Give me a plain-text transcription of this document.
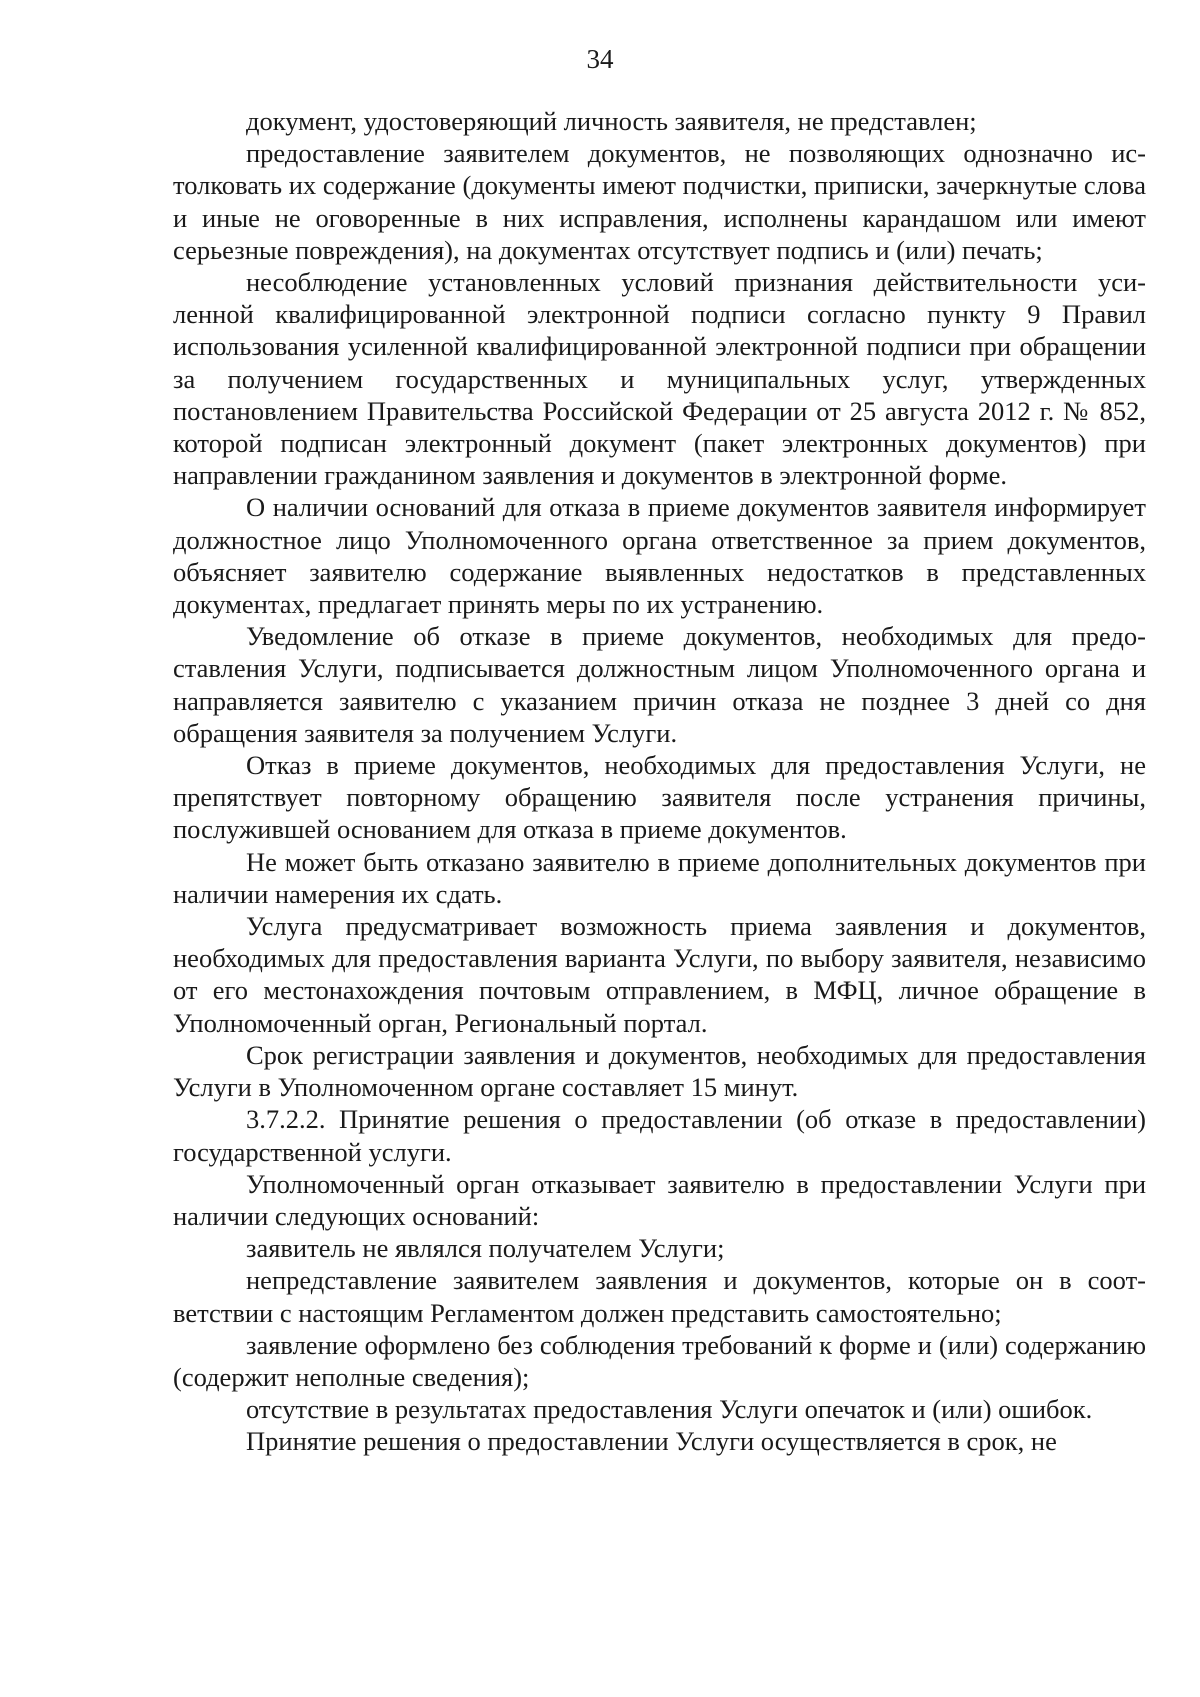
34

документ, удостоверяющий личность заявителя, не представлен;

предоставление заявителем документов, не позволяющих однозначно истолковать их содержание (документы имеют подчистки, приписки, зачеркнутые слова и иные не оговоренные в них исправления, исполнены карандашом или имеют серьезные повреждения), на документах отсутствует подпись и (или) печать;

несоблюдение установленных условий признания действительности усиленной квалифицированной электронной подписи согласно пункту 9 Правил использования усиленной квалифицированной электронной подписи при обращении за получением государственных и муниципальных услуг, утвержденных постановлением Правительства Российской Федерации от 25 августа 2012 г. № 852, которой подписан электронный документ (пакет электронных документов) при направлении гражданином заявления и документов в электронной форме.

О наличии оснований для отказа в приеме документов заявителя информирует должностное лицо Уполномоченного органа ответственное за прием документов, объясняет заявителю содержание выявленных недостатков в представленных документах, предлагает принять меры по их устранению.

Уведомление об отказе в приеме документов, необходимых для предоставления Услуги, подписывается должностным лицом Уполномоченного органа и направляется заявителю с указанием причин отказа не позднее 3 дней со дня обращения заявителя за получением Услуги.

Отказ в приеме документов, необходимых для предоставления Услуги, не препятствует повторному обращению заявителя после устранения причины, послужившей основанием для отказа в приеме документов.

Не может быть отказано заявителю в приеме дополнительных документов при наличии намерения их сдать.

Услуга предусматривает возможность приема заявления и документов, необходимых для предоставления варианта Услуги, по выбору заявителя, независимо от его местонахождения почтовым отправлением, в МФЦ, личное обращение в Уполномоченный орган, Региональный портал.

Срок регистрации заявления и документов, необходимых для предоставления Услуги в Уполномоченном органе составляет 15 минут.

3.7.2.2. Принятие решения о предоставлении (об отказе в предоставлении) государственной услуги.

Уполномоченный орган отказывает заявителю в предоставлении Услуги при наличии следующих оснований:

заявитель не являлся получателем Услуги;

непредставление заявителем заявления и документов, которые он в соответствии с настоящим Регламентом должен представить самостоятельно;

заявление оформлено без соблюдения требований к форме и (или) содержанию (содержит неполные сведения);

отсутствие в результатах предоставления Услуги опечаток и (или) ошибок.

Принятие решения о предоставлении Услуги осуществляется в срок, не
